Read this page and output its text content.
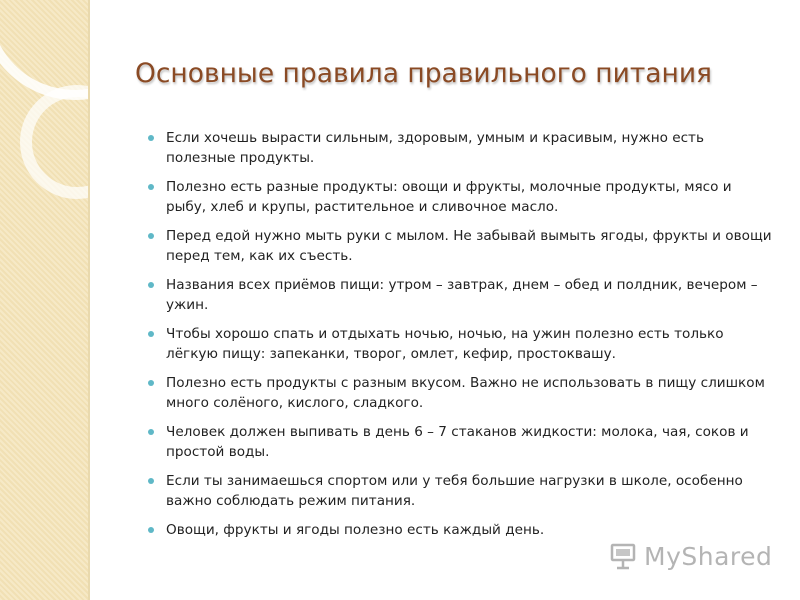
Основные правила правильного питания
Если хочешь вырасти сильным, здоровым, умным и красивым, нужно есть полезные продукты.
Полезно есть разные продукты: овощи и фрукты, молочные продукты, мясо и рыбу, хлеб и крупы, растительное и сливочное масло.
Перед едой нужно мыть руки с мылом. Не забывай вымыть ягоды, фрукты и овощи перед тем, как их съесть.
Названия всех приёмов пищи: утром – завтрак, днем – обед и полдник, вечером – ужин.
Чтобы хорошо спать и отдыхать ночью, ночью, на ужин полезно есть только лёгкую пищу: запеканки, творог, омлет, кефир, простоквашу.
Полезно есть продукты с разным вкусом. Важно не использовать в пищу слишком много солёного, кислого, сладкого.
Человек должен выпивать в день 6 – 7 стаканов жидкости: молока, чая, соков и простой воды.
Если ты занимаешься спортом или у тебя большие нагрузки в школе, особенно важно соблюдать режим питания.
Овощи, фрукты и ягоды полезно есть каждый день.
MyShared
